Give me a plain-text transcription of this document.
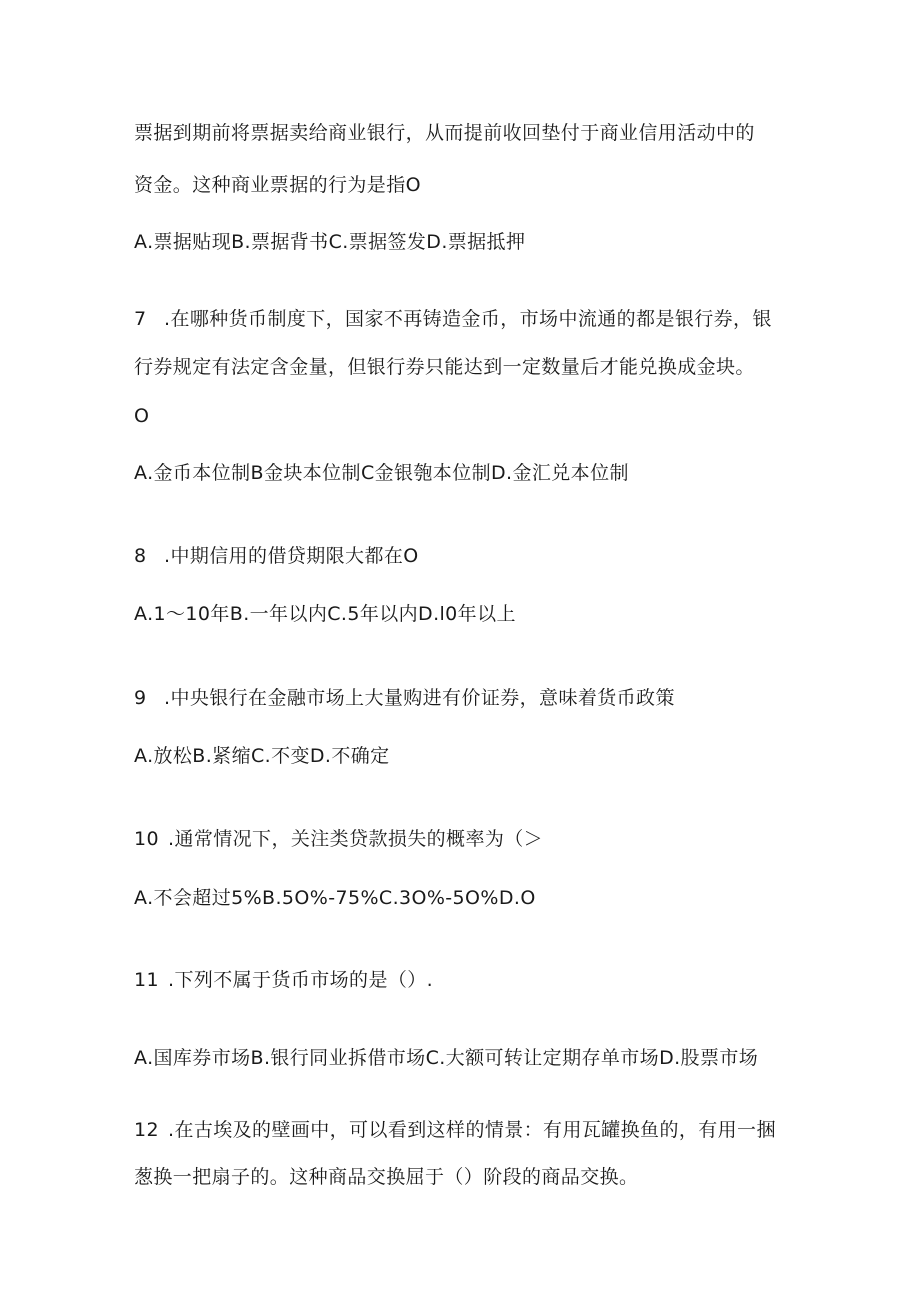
票据到期前将票据卖给商业银行，从而提前收回垫付于商业信用活动中的
资金。这种商业票据的行为是指O
A.票据贴现B.票据背书C.票据签发D.票据抵押
7 .在哪种货币制度下，国家不再铸造金币，市场中流通的都是银行券，银
行券规定有法定含金量，但银行券只能达到一定数量后才能兑换成金块。
O
A.金币本位制B金块本位制C金银匏本位制D.金汇兑本位制
8 .中期信用的借贷期限大都在O
A.1～10年B.一年以内C.5年以内D.l0年以上
9 .中央银行在金融市场上大量购进有价证券，意味着货币政策
A.放松B.紧缩C.不变D.不确定
10 .通常情况下，关注类贷款损失的概率为（＞
A.不会超过5%B.5O%-75%C.3O%-5O%D.O
11 .下列不属于货币市场的是（）.
A.国库券市场B.银行同业拆借市场C.大额可转让定期存单市场D.股票市场
12 .在古埃及的壁画中，可以看到这样的情景：有用瓦罐换鱼的，有用一捆
葱换一把扇子的。这种商品交换屈于（）阶段的商品交换。
